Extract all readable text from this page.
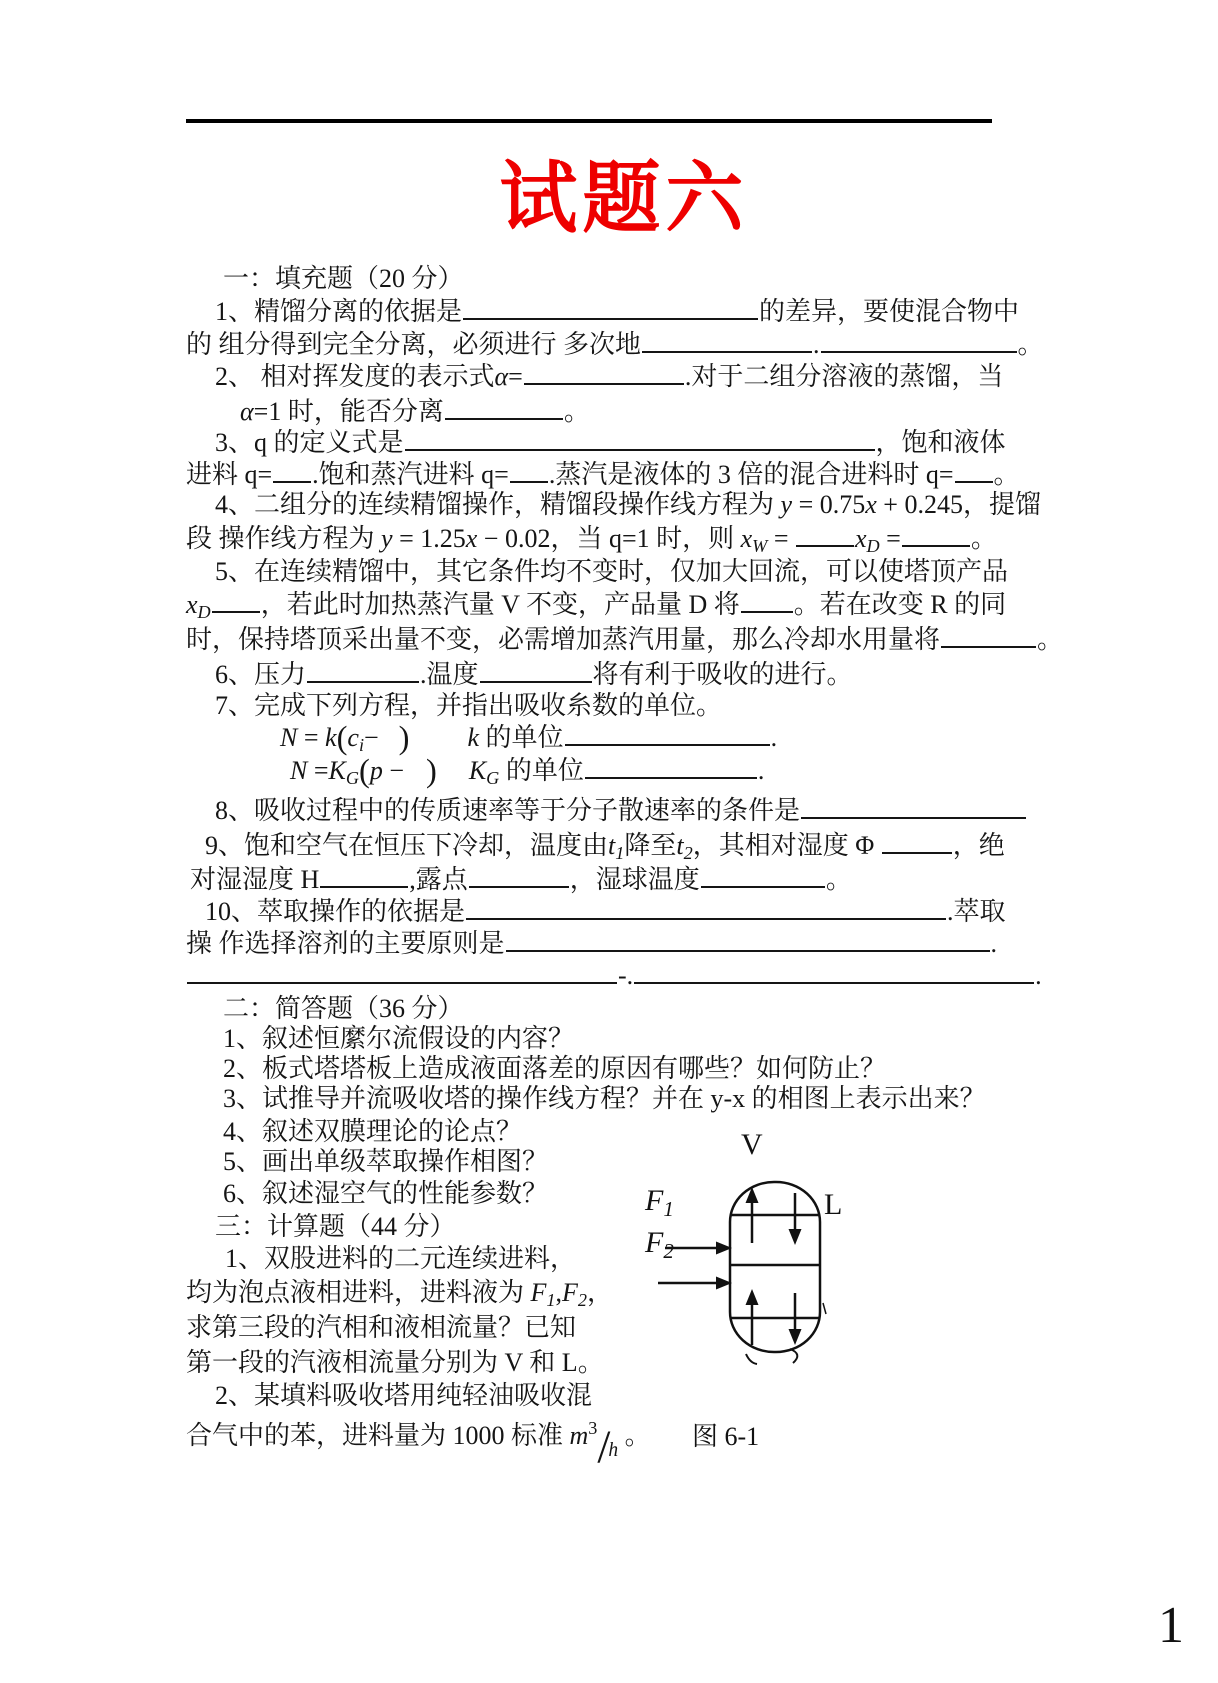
试题六
一：填充题（20 分）
1、精馏分离的依据是	的差异，要使混合物中
的 组分得到完全分离，必须进行 多次地	.	。
2、 相对挥发度的表示式α=	.对于二组分溶液的蒸馏，当
α=1 时，能否分离	。
3、q 的定义式是	，饱和液体
进料 q= .饱和蒸汽进料 q= .蒸汽是液体的 3 倍的混合进料时 q= 。
4、二组分的连续精馏操作，精馏段操作线方程为 y = 0.75x + 0.245，提馏
段 操作线方程为 y = 1.25x − 0.02，当 q=1 时，则 xW = xD =	。
5、在连续精馏中，其它条件均不变时，仅加大回流，可以使塔顶产品
xD ，若此时加热蒸汽量 V 不变，产品量 D 将 。若在改变 R 的同
时，保持塔顶采出量不变，必需增加蒸汽用量，那么冷却水用量将	。
6、压力	.温度	将有利于吸收的进行。
7、完成下列方程，并指出吸收糸数的单位。
N = k(ci− ) k 的单位	.
N =KG(p − ) KG 的单位	.
8、吸收过程中的传质速率等于分子散速率的条件是
9、饱和空气在恒压下冷却，温度由t1降至t2，其相对湿度 Φ	，绝
对湿湿度 H	,露点	，湿球温度	。
10、萃取操作的依据是	.萃取
操 作选择溶剂的主要原则是	.
-.	.
二：简答题（36 分）
1、叙述恒縻尔流假设的内容？
2、板式塔塔板上造成液面落差的原因有哪些？如何防止？
3、试推导并流吸收塔的操作线方程？并在 y-x 的相图上表示出来？
4、叙述双膜理论的论点？
5、画出单级萃取操作相图？
6、叙述湿空气的性能参数？
三：计算题（44 分）
1、双股进料的二元连续进料，
均为泡点液相进料，进料液为 F1,F2，
求第三段的汽相和液相流量？已知
第一段的汽液相流量分别为 V 和 L。
2、某填料吸收塔用纯轻油吸收混
合气中的苯，进料量为 1000 标准 $m^3/_h$ 。
V
L
F1
F2
图 6-1
1
